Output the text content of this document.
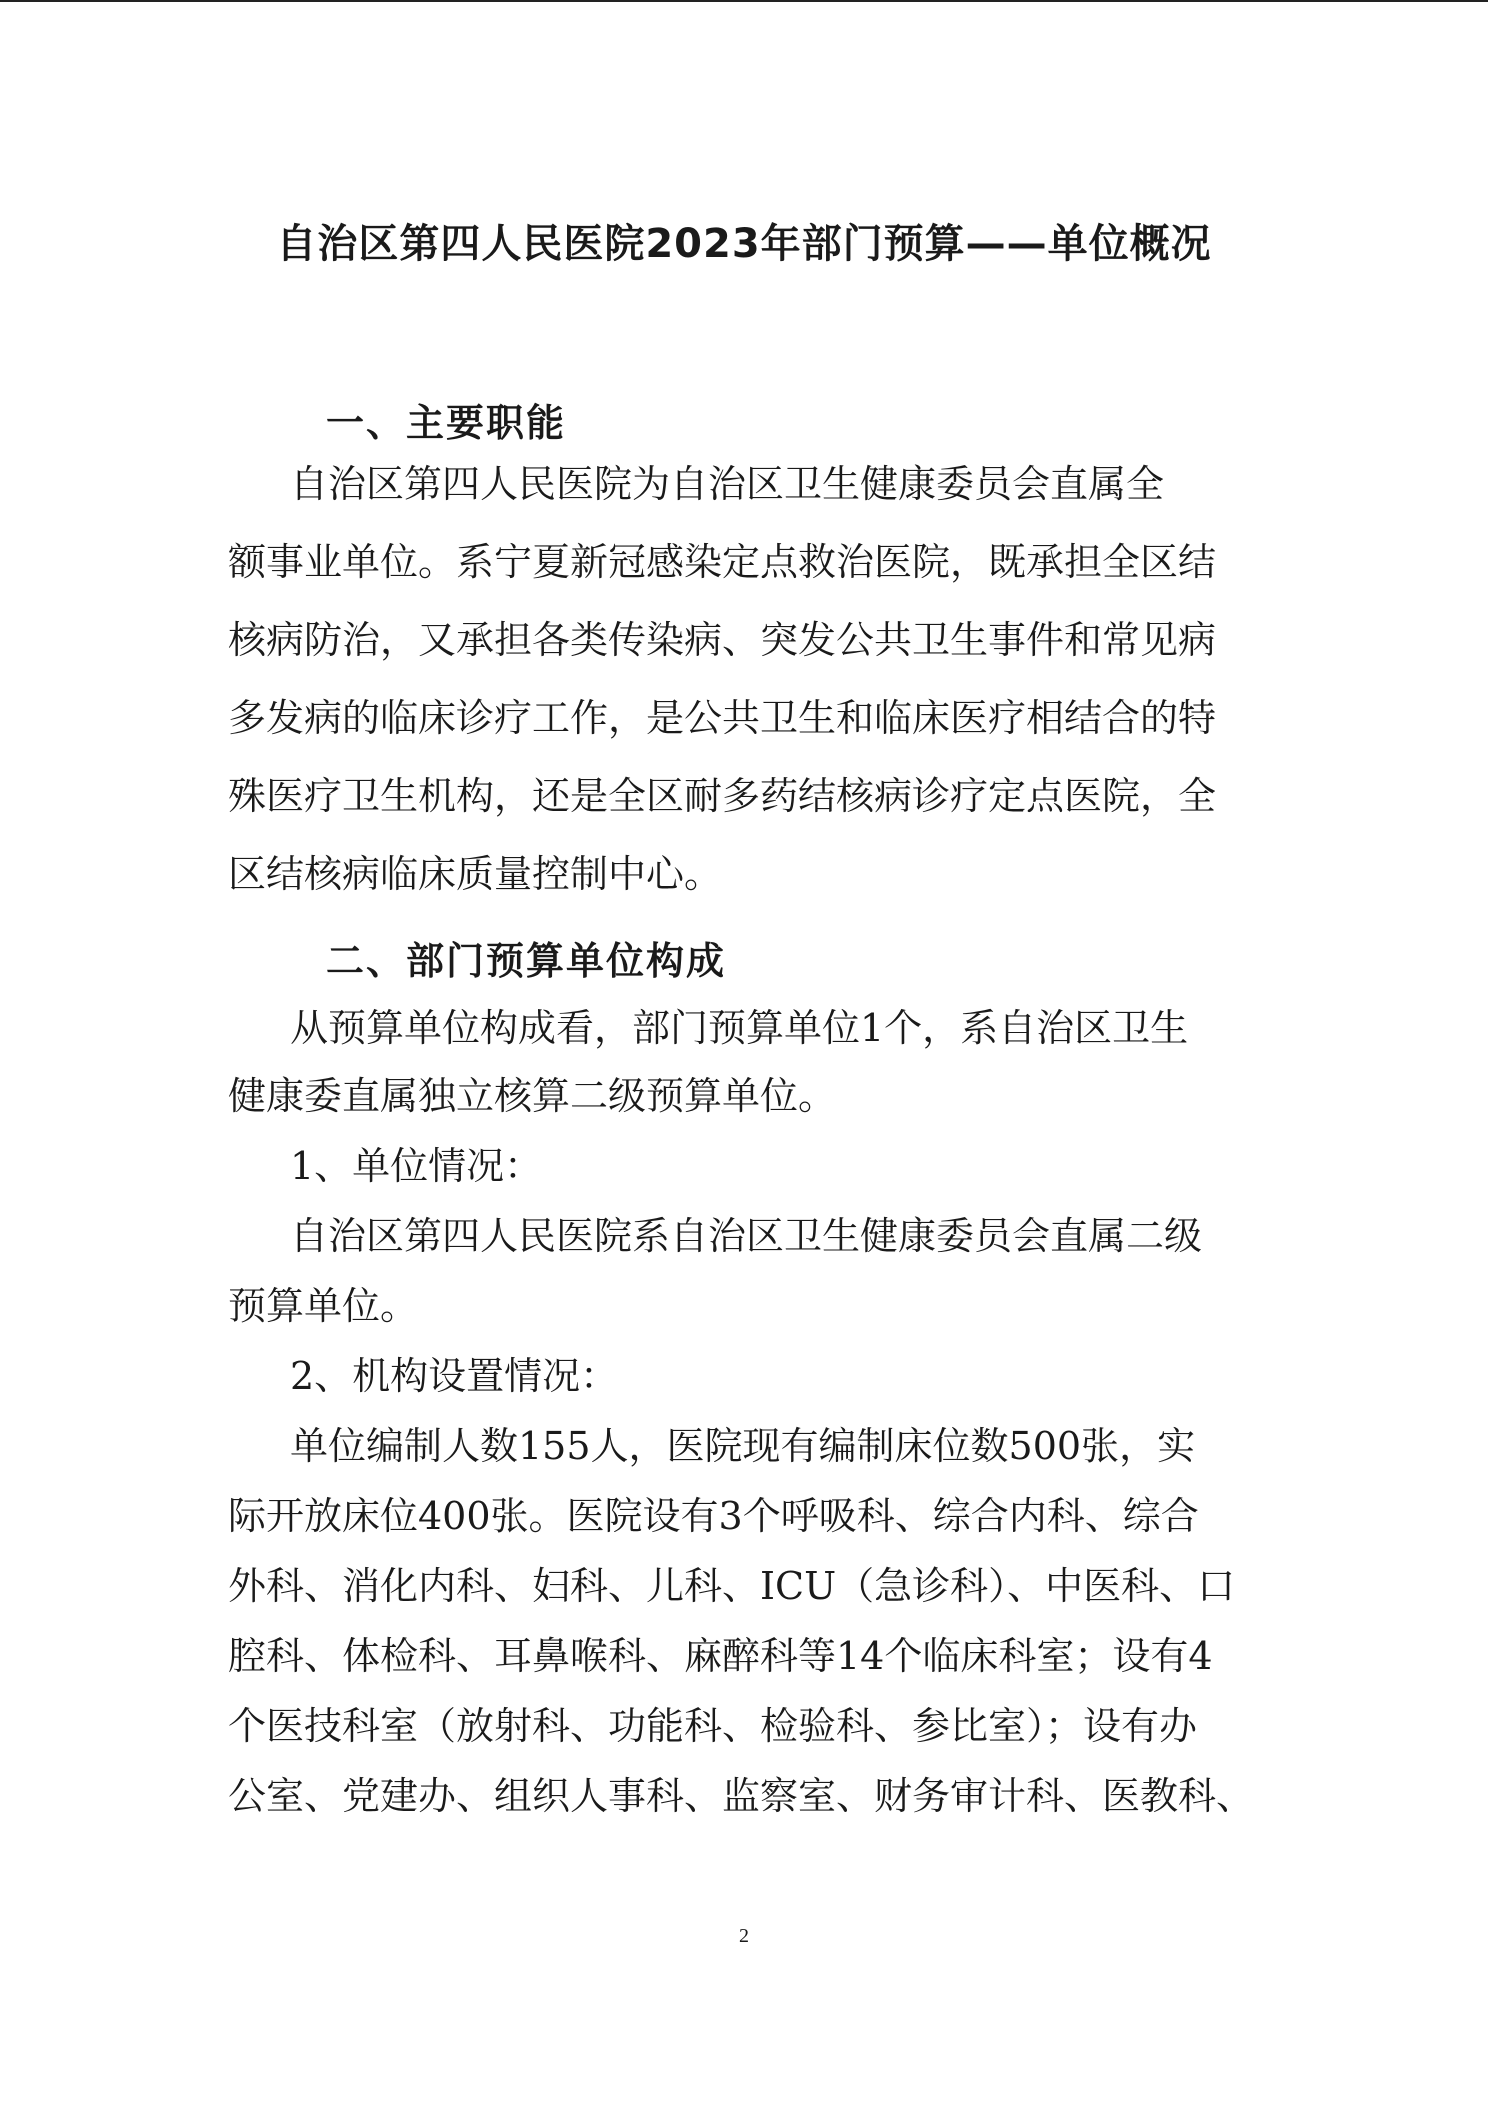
自治区第四人民医院2023年部门预算——单位概况
一、主要职能

自治区第四人民医院为自治区卫生健康委员会直属全

额事业单位。系宁夏新冠感染定点救治医院，既承担全区结

核病防治，又承担各类传染病、突发公共卫生事件和常见病

多发病的临床诊疗工作，是公共卫生和临床医疗相结合的特

殊医疗卫生机构，还是全区耐多药结核病诊疗定点医院，全

区结核病临床质量控制中心。

二、部门预算单位构成

从预算单位构成看，部门预算单位1个，系自治区卫生

健康委直属独立核算二级预算单位。

1、单位情况：

自治区第四人民医院系自治区卫生健康委员会直属二级

预算单位。

2、机构设置情况：

单位编制人数155人，医院现有编制床位数500张，实

际开放床位400张。医院设有3个呼吸科、综合内科、综合

外科、消化内科、妇科、儿科、ICU（急诊科）、中医科、口

腔科、体检科、耳鼻喉科、麻醉科等14个临床科室；设有4

个医技科室（放射科、功能科、检验科、参比室）；设有办

公室、党建办、组织人事科、监察室、财务审计科、医教科、

2
